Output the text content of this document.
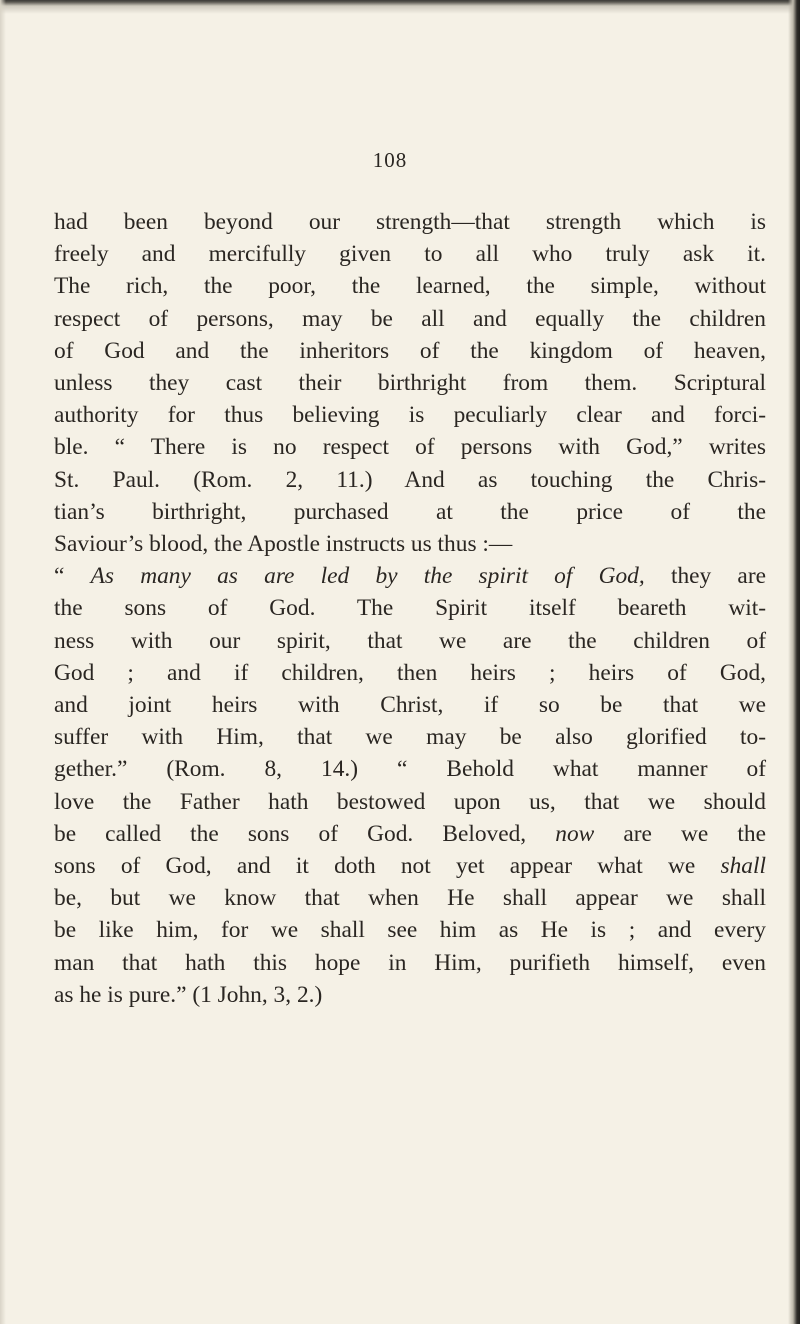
108
had been beyond our strength—that strength which is
freely and mercifully given to all who truly ask it.
The rich, the poor, the learned, the simple, without
respect of persons, may be all and equally the children
of God and the inheritors of the kingdom of heaven,
unless they cast their birthright from them. Scriptural
authority for thus believing is peculiarly clear and forci-
ble. “ There is no respect of persons with God,” writes
St. Paul. (Rom. 2, 11.) And as touching the Chris-
tian’s birthright, purchased at the price of the
Saviour’s blood, the Apostle instructs us thus :—
“ As many as are led by the spirit of God, they are
the sons of God. The Spirit itself beareth wit-
ness with our spirit, that we are the children of
God ; and if children, then heirs ; heirs of God,
and joint heirs with Christ, if so be that we
suffer with Him, that we may be also glorified to-
gether.” (Rom. 8, 14.) “ Behold what manner of
love the Father hath bestowed upon us, that we should
be called the sons of God. Beloved, now are we the
sons of God, and it doth not yet appear what we shall
be, but we know that when He shall appear we shall
be like him, for we shall see him as He is ; and every
man that hath this hope in Him, purifieth himself, even
as he is pure.” (1 John, 3, 2.)
